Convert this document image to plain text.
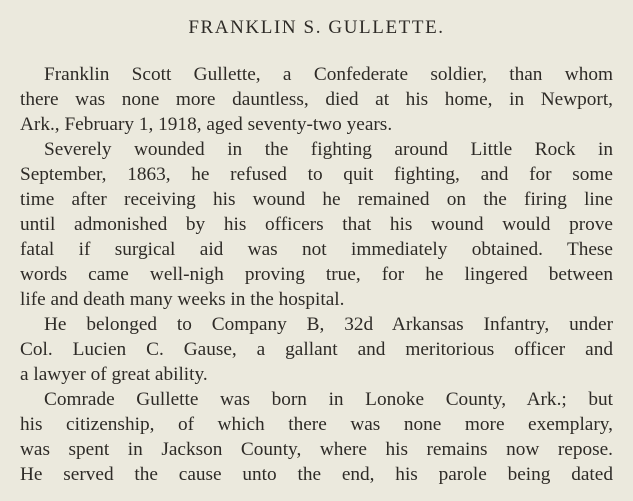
FRANKLIN S. GULLETTE.
Franklin Scott Gullette, a Confederate soldier, than whom
there was none more dauntless, died at his home, in Newport,
Ark., February 1, 1918, aged seventy-two years.
Severely wounded in the fighting around Little Rock in
September, 1863, he refused to quit fighting, and for some
time after receiving his wound he remained on the firing line
until admonished by his officers that his wound would prove
fatal if surgical aid was not immediately obtained. These
words came well-nigh proving true, for he lingered between
life and death many weeks in the hospital.
He belonged to Company B, 32d Arkansas Infantry, under
Col. Lucien C. Gause, a gallant and meritorious officer and
a lawyer of great ability.
Comrade Gullette was born in Lonoke County, Ark.; but
his citizenship, of which there was none more exemplary,
was spent in Jackson County, where his remains now repose.
He served the cause unto the end, his parole being dated
